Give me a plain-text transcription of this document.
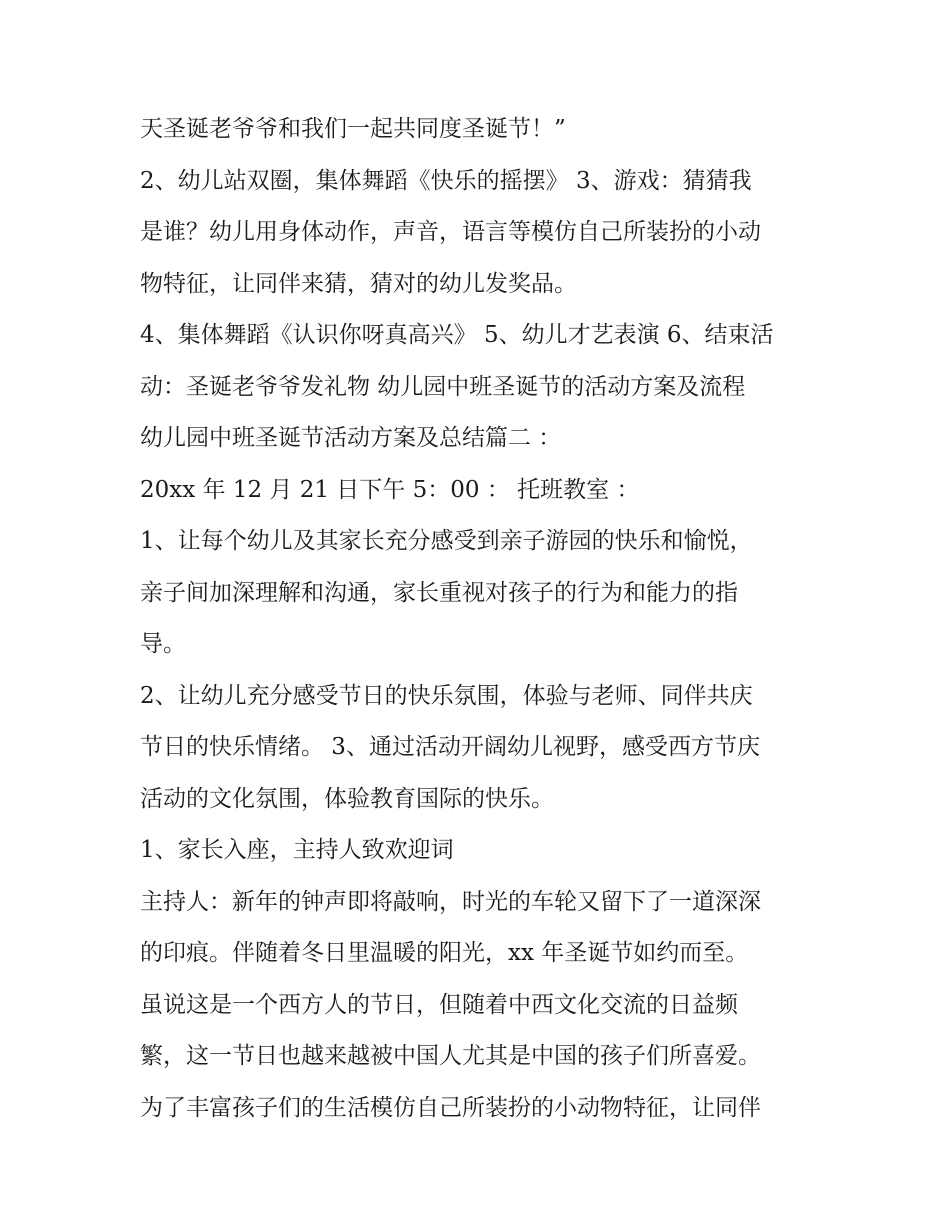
天圣诞老爷爷和我们一起共同度圣诞节！”
2、幼儿站双圈，集体舞蹈《快乐的摇摆》 3、游戏：猜猜我
是谁？幼儿用身体动作，声音，语言等模仿自己所装扮的小动
物特征，让同伴来猜，猜对的幼儿发奖品。
4、集体舞蹈《认识你呀真高兴》 5、幼儿才艺表演 6、结束活
动：圣诞老爷爷发礼物 幼儿园中班圣诞节的活动方案及流程
幼儿园中班圣诞节活动方案及总结篇二 ：
20xx 年 12 月 21 日下午 5：00 ： 托班教室 ：
1、让每个幼儿及其家长充分感受到亲子游园的快乐和愉悦，
亲子间加深理解和沟通，家长重视对孩子的行为和能力的指
导。
2、让幼儿充分感受节日的快乐氛围，体验与老师、同伴共庆
节日的快乐情绪。 3、通过活动开阔幼儿视野，感受西方节庆
活动的文化氛围，体验教育国际的快乐。
1、家长入座，主持人致欢迎词
主持人：新年的钟声即将敲响，时光的车轮又留下了一道深深
的印痕。伴随着冬日里温暖的阳光，xx 年圣诞节如约而至。
虽说这是一个西方人的节日，但随着中西文化交流的日益频
繁，这一节日也越来越被中国人尤其是中国的孩子们所喜爱。
为了丰富孩子们的生活模仿自己所装扮的小动物特征，让同伴
